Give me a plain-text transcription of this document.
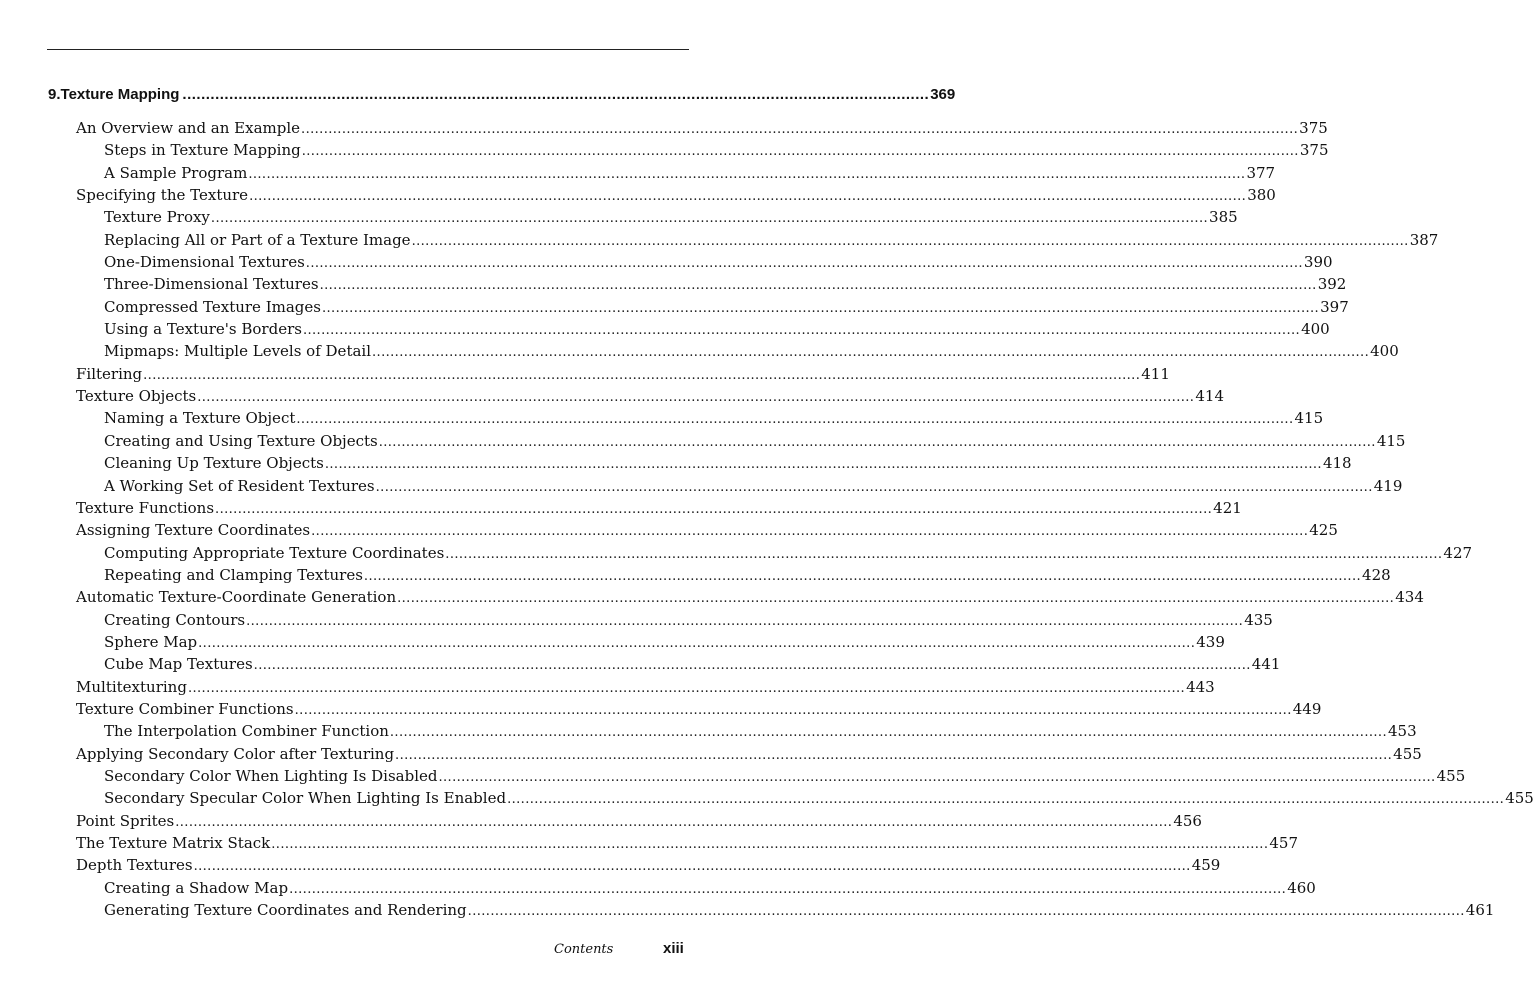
9. Texture Mapping ................................................................................................................................................................ 369
An Overview and an Example ............................................................................................................................................................................................................................ 375
Steps in Texture Mapping ............................................................................................................................................................................................................................ 375
A Sample Program ............................................................................................................................................................................................................................ 377
Specifying the Texture ............................................................................................................................................................................................................................ 380
Texture Proxy ............................................................................................................................................................................................................................ 385
Replacing All or Part of a Texture Image ............................................................................................................................................................................................................................ 387
One-Dimensional Textures ............................................................................................................................................................................................................................ 390
Three-Dimensional Textures ............................................................................................................................................................................................................................ 392
Compressed Texture Images ............................................................................................................................................................................................................................ 397
Using a Texture's Borders ............................................................................................................................................................................................................................ 400
Mipmaps: Multiple Levels of Detail ............................................................................................................................................................................................................................ 400
Filtering ............................................................................................................................................................................................................................ 411
Texture Objects ............................................................................................................................................................................................................................ 414
Naming a Texture Object ............................................................................................................................................................................................................................ 415
Creating and Using Texture Objects ............................................................................................................................................................................................................................ 415
Cleaning Up Texture Objects ............................................................................................................................................................................................................................ 418
A Working Set of Resident Textures ............................................................................................................................................................................................................................ 419
Texture Functions ............................................................................................................................................................................................................................ 421
Assigning Texture Coordinates ............................................................................................................................................................................................................................ 425
Computing Appropriate Texture Coordinates ............................................................................................................................................................................................................................ 427
Repeating and Clamping Textures ............................................................................................................................................................................................................................ 428
Automatic Texture-Coordinate Generation ............................................................................................................................................................................................................................ 434
Creating Contours ............................................................................................................................................................................................................................ 435
Sphere Map ............................................................................................................................................................................................................................ 439
Cube Map Textures ............................................................................................................................................................................................................................ 441
Multitexturing ............................................................................................................................................................................................................................ 443
Texture Combiner Functions ............................................................................................................................................................................................................................ 449
The Interpolation Combiner Function ............................................................................................................................................................................................................................ 453
Applying Secondary Color after Texturing ............................................................................................................................................................................................................................ 455
Secondary Color When Lighting Is Disabled ............................................................................................................................................................................................................................ 455
Secondary Specular Color When Lighting Is Enabled ............................................................................................................................................................................................................................ 455
Point Sprites ............................................................................................................................................................................................................................ 456
The Texture Matrix Stack ............................................................................................................................................................................................................................ 457
Depth Textures ............................................................................................................................................................................................................................ 459
Creating a Shadow Map ............................................................................................................................................................................................................................ 460
Generating Texture Coordinates and Rendering ............................................................................................................................................................................................................................ 461
Contents	xiii
